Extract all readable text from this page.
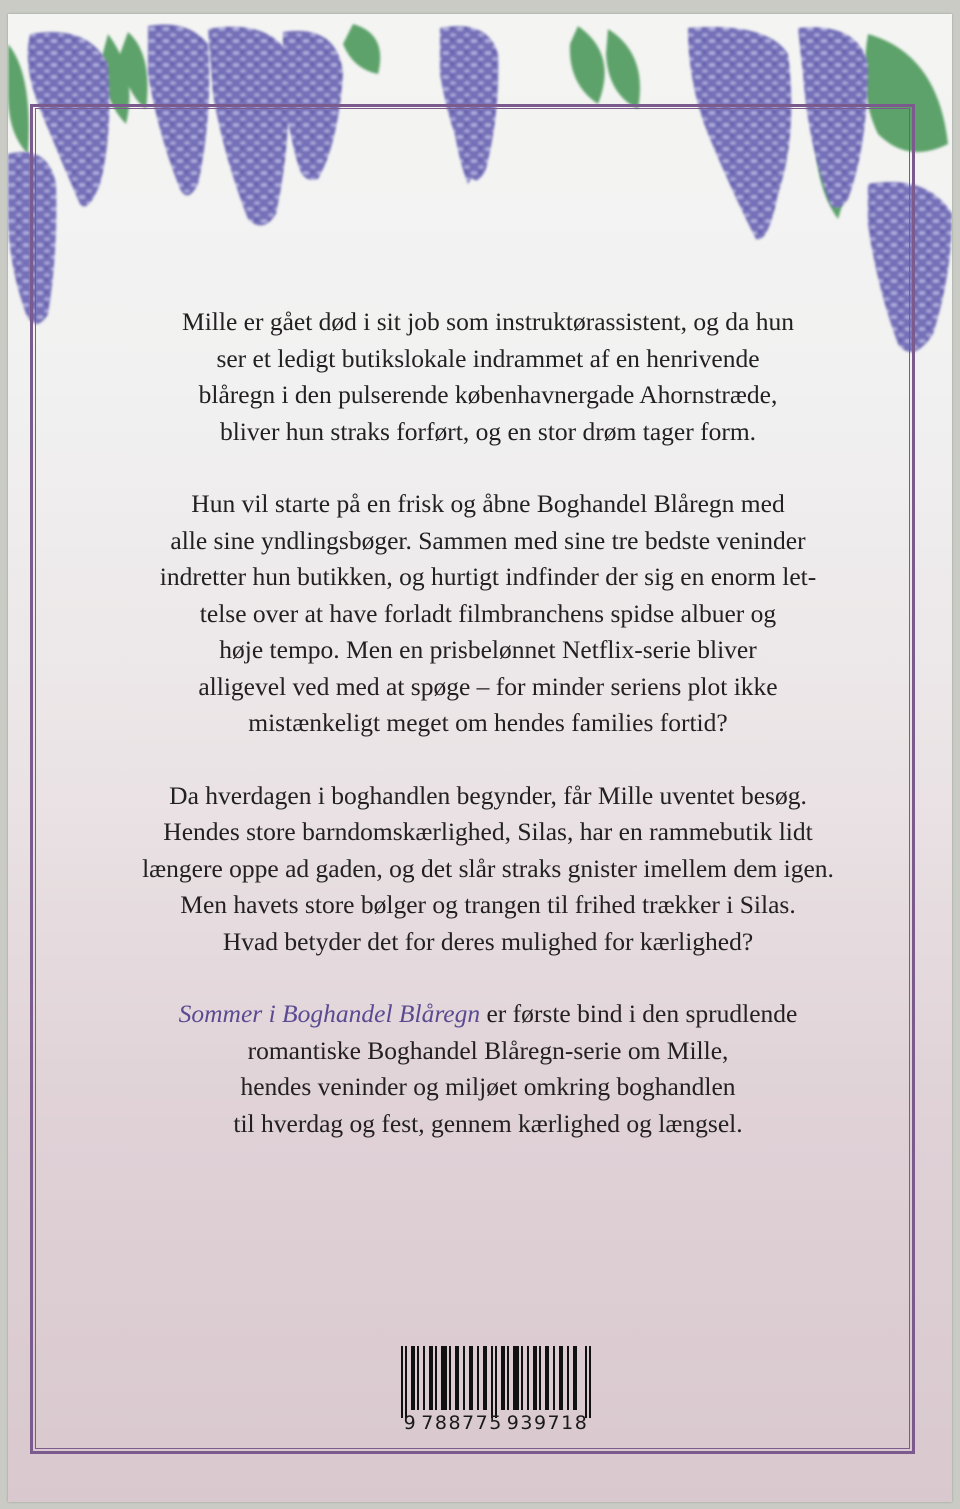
Mille er gået død i sit job som instruktørassistent, og da hun
ser et ledigt butikslokale indrammet af en henrivende
blåregn i den pulserende københavnergade Ahornstræde,
bliver hun straks forført, og en stor drøm tager form.

Hun vil starte på en frisk og åbne Boghandel Blåregn med
alle sine yndlingsbøger. Sammen med sine tre bedste veninder
indretter hun butikken, og hurtigt indfinder der sig en enorm let-
telse over at have forladt filmbranchens spidse albuer og
høje tempo. Men en prisbelønnet Netflix-serie bliver
alligevel ved med at spøge – for minder seriens plot ikke
mistænkeligt meget om hendes families fortid?

Da hverdagen i boghandlen begynder, får Mille uventet besøg.
Hendes store barndomskærlighed, Silas, har en rammebutik lidt
længere oppe ad gaden, og det slår straks gnister imellem dem igen.
Men havets store bølger og trangen til frihed trækker i Silas.
Hvad betyder det for deres mulighed for kærlighed?

Sommer i Boghandel Blåregn er første bind i den sprudlende
romantiske Boghandel Blåregn-serie om Mille,
hendes veninder og miljøet omkring boghandlen
til hverdag og fest, gennem kærlighed og længsel.

9 788775 939718
